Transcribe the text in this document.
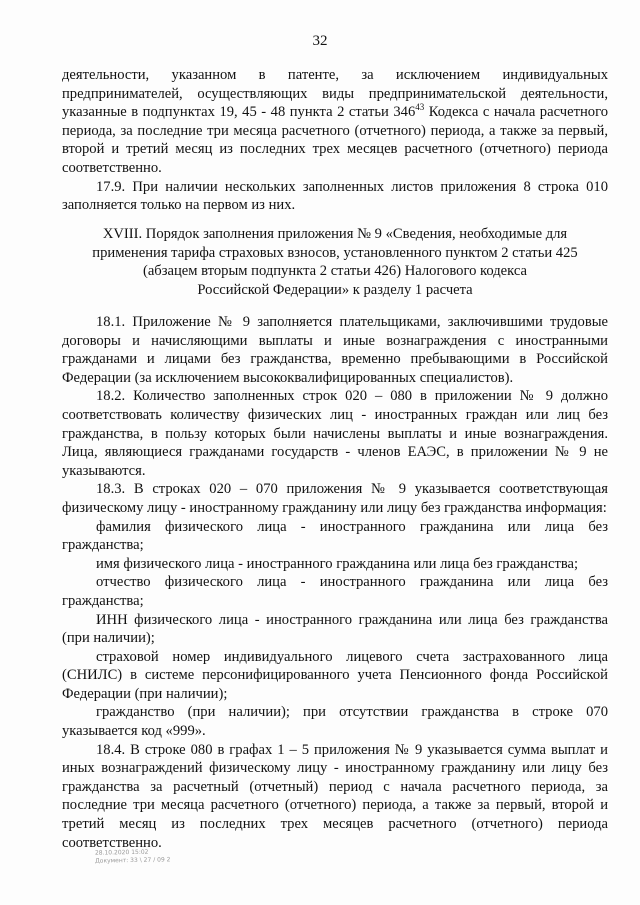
32

деятельности, указанном в патенте, за исключением индивидуальных предпринимателей, осуществляющих виды предпринимательской деятельности, указанные в подпунктах 19, 45 - 48 пункта 2 статьи $346^{43}$ Кодекса с начала расчетного периода, за последние три месяца расчетного (отчетного) периода, а также за первый, второй и третий месяц из последних трех месяцев расчетного (отчетного) периода соответственно.

17.9. При наличии нескольких заполненных листов приложения 8 строка 010 заполняется только на первом из них.

XVIII. Порядок заполнения приложения № 9 «Сведения, необходимые для
применения тарифа страховых взносов, установленного пунктом 2 статьи 425
(абзацем вторым подпункта 2 статьи 426) Налогового кодекса
Российской Федерации» к разделу 1 расчета

18.1. Приложение № 9 заполняется плательщиками, заключившими трудовые договоры и начисляющими выплаты и иные вознаграждения с иностранными гражданами и лицами без гражданства, временно пребывающими в Российской Федерации (за исключением высококвалифицированных специалистов).

18.2. Количество заполненных строк 020 – 080 в приложении № 9 должно соответствовать количеству физических лиц - иностранных граждан или лиц без гражданства, в пользу которых были начислены выплаты и иные вознаграждения. Лица, являющиеся гражданами государств - членов ЕАЭС, в приложении № 9 не указываются.

18.3. В строках 020 – 070 приложения № 9 указывается соответствующая физическому лицу - иностранному гражданину или лицу без гражданства информация:

фамилия физического лица - иностранного гражданина или лица без гражданства;

имя физического лица - иностранного гражданина или лица без гражданства;

отчество физического лица - иностранного гражданина или лица без гражданства;

ИНН физического лица - иностранного гражданина или лица без гражданства (при наличии);

страховой номер индивидуального лицевого счета застрахованного лица (СНИЛС) в системе персонифицированного учета Пенсионного фонда Российской Федерации (при наличии);

гражданство (при наличии); при отсутствии гражданства в строке 070 указывается код «999».

18.4. В строке 080 в графах 1 – 5 приложения № 9 указывается сумма выплат и иных вознаграждений физическому лицу - иностранному гражданину или лицу без гражданства за расчетный (отчетный) период с начала расчетного периода, за последние три месяца расчетного (отчетного) периода, а также за первый, второй и третий месяц из последних трех месяцев расчетного (отчетного) периода соответственно.

28.10.2020 15:02
Документ: 33 \ 27 / 09 2
